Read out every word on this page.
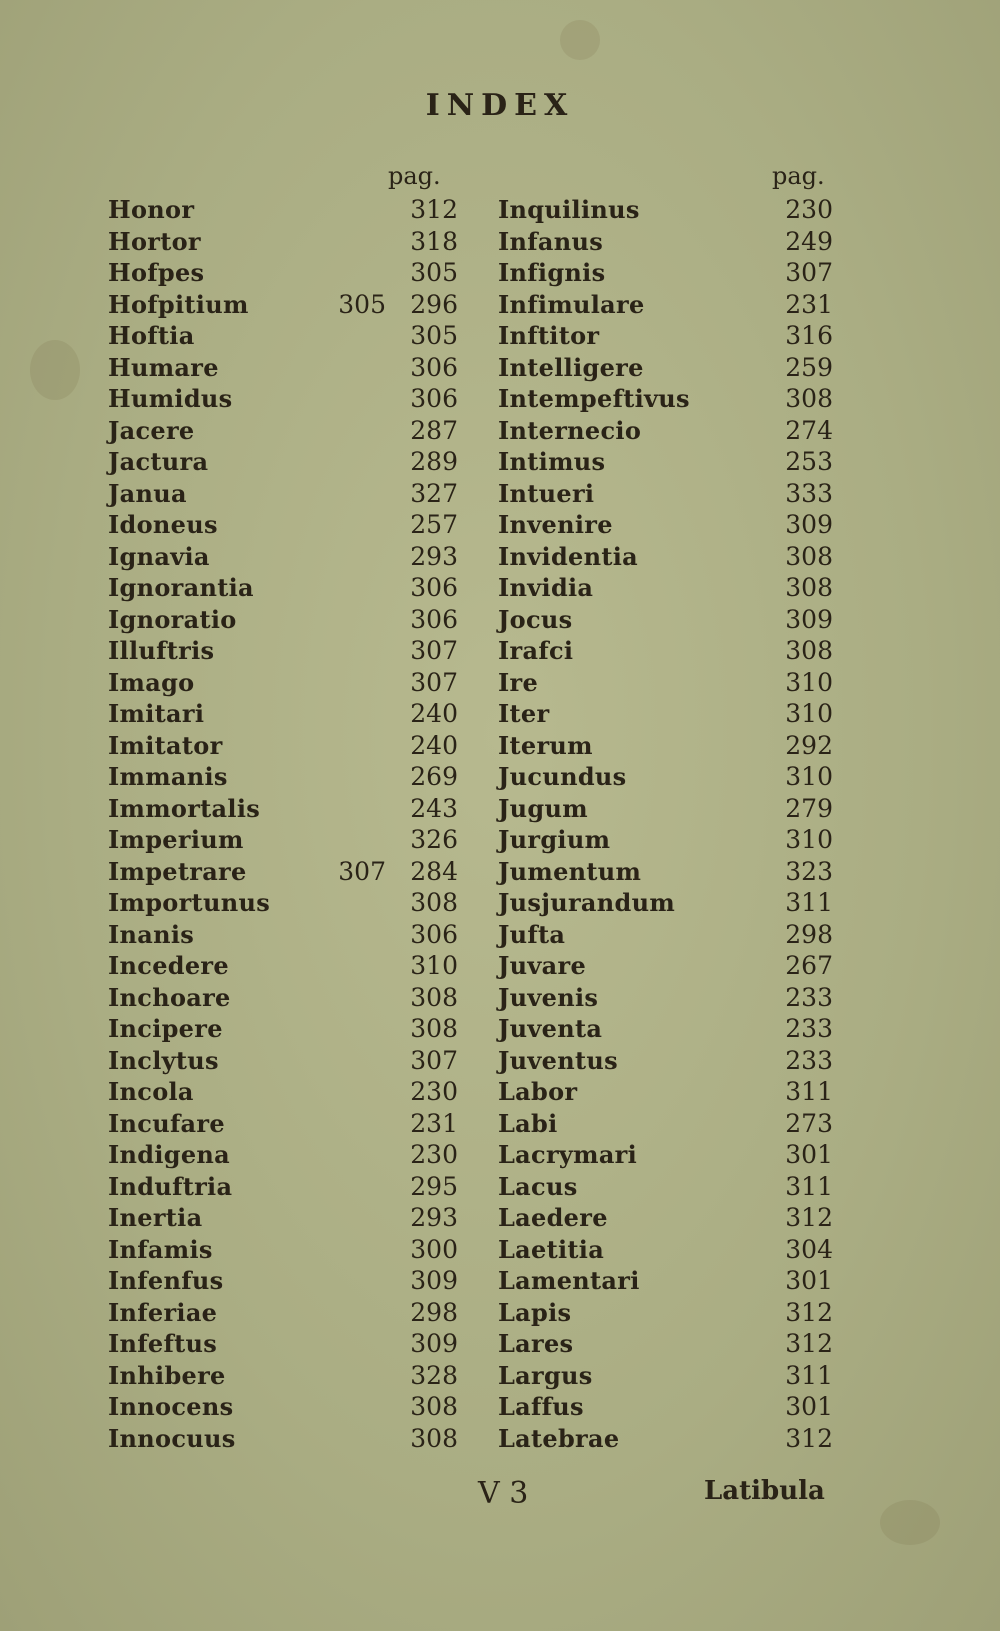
INDEX
pag.	pag.
Honor	312
Hortor	318
Hofpes	305
Hofpitium	305 296
Hoftia	305
Humare	306
Humidus	306
Jacere	287
Jactura	289
Janua	327
Idoneus	257
Ignavia	293
Ignorantia	306
Ignoratio	306
Illuftris	307
Imago	307
Imitari	240
Imitator	240
Immanis	269
Immortalis	243
Imperium	326
Impetrare	307 284
Importunus	308
Inanis	306
Incedere	310
Inchoare	308
Incipere	308
Inclytus	307
Incola	230
Incufare	231
Indigena	230
Induftria	295
Inertia	293
Infamis	300
Infenfus	309
Inferiae	298
Infeftus	309
Inhibere	328
Innocens	308
Innocuus	308
Inquilinus	230
Infanus	249
Infignis	307
Infimulare	231
Inftitor	316
Intelligere	259
Intempeftivus	308
Internecio	274
Intimus	253
Intueri	333
Invenire	309
Invidentia	308
Invidia	308
Jocus	309
Irafci	308
Ire	310
Iter	310
Iterum	292
Jucundus	310
Jugum	279
Jurgium	310
Jumentum	323
Jusjurandum	311
Jufta	298
Juvare	267
Juvenis	233
Juventa	233
Juventus	233
Labor	311
Labi	273
Lacrymari	301
Lacus	311
Laedere	312
Laetitia	304
Lamentari	301
Lapis	312
Lares	312
Largus	311
Laffus	301
Latebrae	312
V 3	Latibula
